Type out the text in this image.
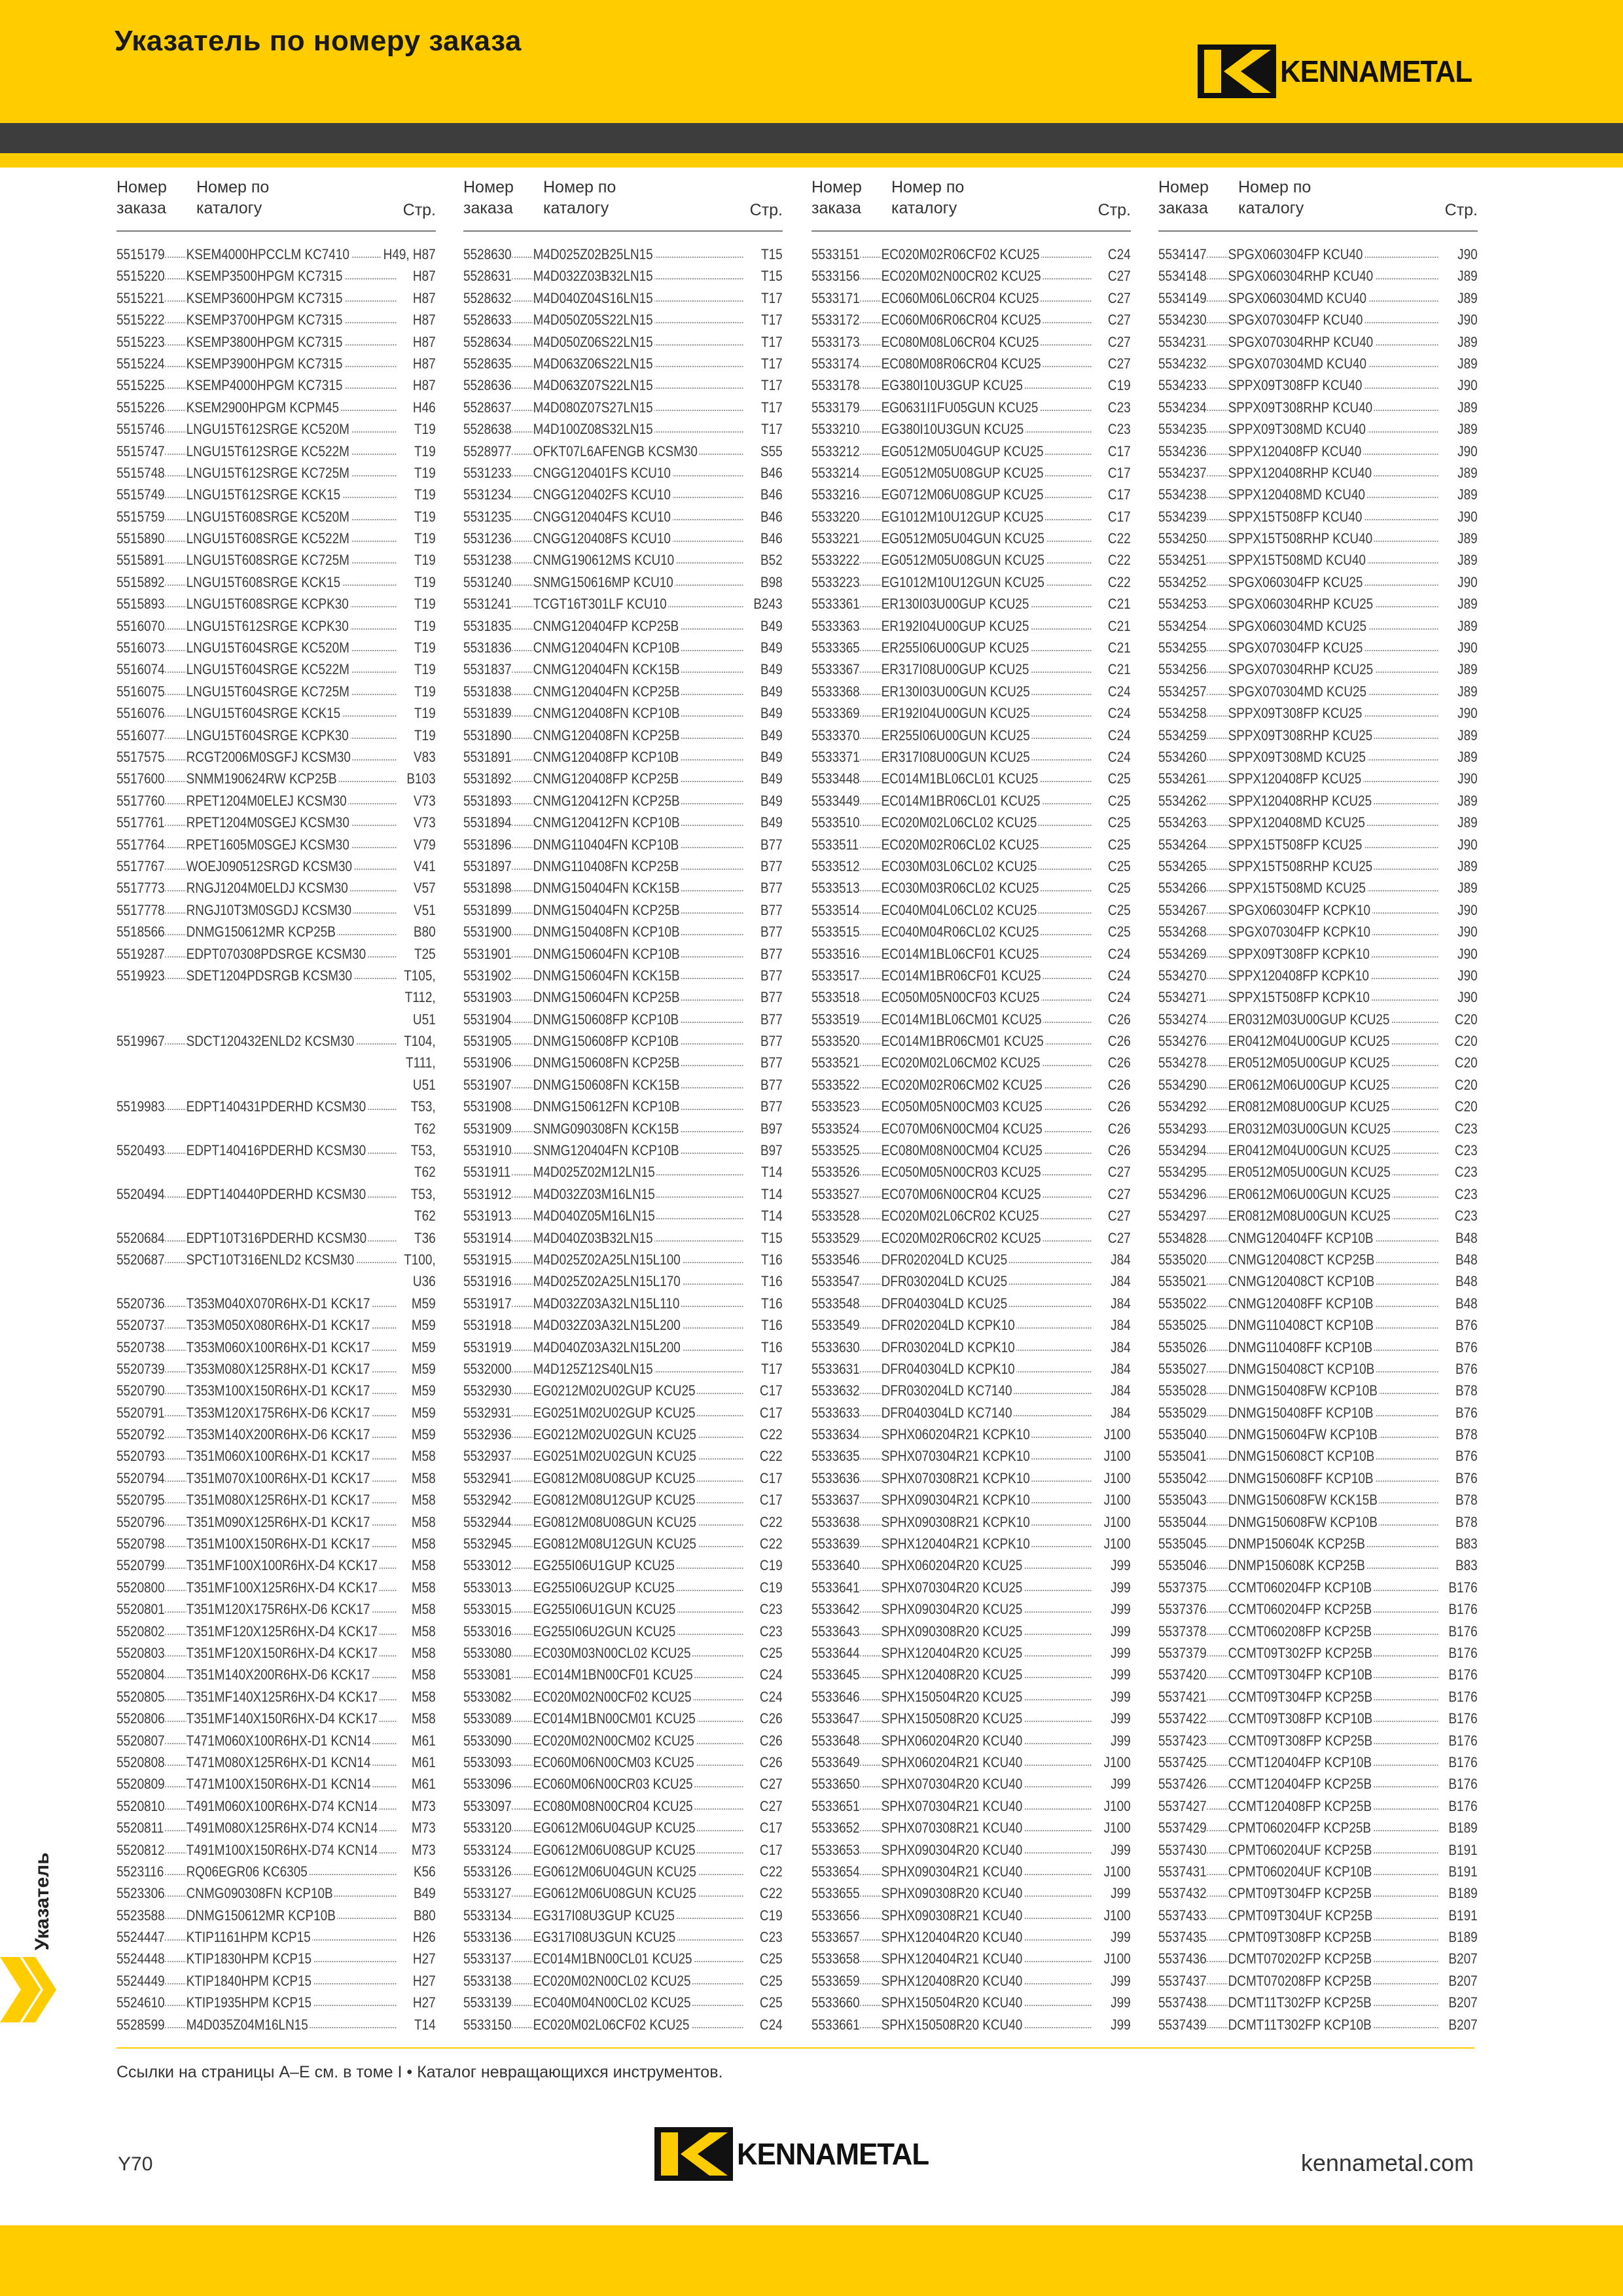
Указатель по номеру заказа
KENNAMETAL
Номер
заказа
Номер по
каталогу	Стр.
5515179 KSEM4000HPCCLM KC7410 H49, H87
5515220 KSEMP3500HPGM KC7315	H87
5515221 KSEMP3600HPGM KC7315	H87
5515222 KSEMP3700HPGM KC7315	H87
5515223 KSEMP3800HPGM KC7315	H87
5515224 KSEMP3900HPGM KC7315	H87
5515225 KSEMP4000HPGM KC7315	H87
5515226 KSEM2900HPGM KCPM45	H46
5515746 LNGU15T612SRGE KC520M	T19
5515747 LNGU15T612SRGE KC522M	T19
5515748 LNGU15T612SRGE KC725M	T19
5515749 LNGU15T612SRGE KCK15	T19
5515759 LNGU15T608SRGE KC520M	T19
5515890 LNGU15T608SRGE KC522M	T19
5515891 LNGU15T608SRGE KC725M	T19
5515892 LNGU15T608SRGE KCK15	T19
5515893 LNGU15T608SRGE KCPK30	T19
5516070 LNGU15T612SRGE KCPK30	T19
5516073 LNGU15T604SRGE KC520M	T19
5516074 LNGU15T604SRGE KC522M	T19
5516075 LNGU15T604SRGE KC725M	T19
5516076 LNGU15T604SRGE KCK15	T19
5516077 LNGU15T604SRGE KCPK30	T19
5517575 RCGT2006M0SGFJ KCSM30	V83
5517600 SNMM190624RW KCP25B	B103
5517760 RPET1204M0ELEJ KCSM30	V73
5517761 RPET1204M0SGEJ KCSM30	V73
5517764 RPET1605M0SGEJ KCSM30	V79
5517767 WOEJ090512SRGD KCSM30	V41
5517773 RNGJ1204M0ELDJ KCSM30	V57
5517778 RNGJ10T3M0SGDJ KCSM30	V51
5518566 DNMG150612MR KCP25B	B80
5519287 EDPT070308PDSRGE KCSM30	T25
5519923 SDET1204PDSRGB KCSM30	T105,
T112,
U51
5519967 SDCT120432ENLD2 KCSM30	T104,
T111,
U51
5519983 EDPT140431PDERHD KCSM30	T53,
T62
5520493 EDPT140416PDERHD KCSM30	T53,
T62
5520494 EDPT140440PDERHD KCSM30	T53,
T62
5520684 EDPT10T316PDERHD KCSM30	T36
5520687 SPCT10T316ENLD2 KCSM30	T100,
U36
5520736 T353M040X070R6HX-D1 KCK17	M59
5520737 T353M050X080R6HX-D1 KCK17	M59
5520738 T353M060X100R6HX-D1 KCK17	M59
5520739 T353M080X125R8HX-D1 KCK17	M59
5520790 T353M100X150R6HX-D1 KCK17	M59
5520791 T353M120X175R6HX-D6 KCK17	M59
5520792 T353M140X200R6HX-D6 KCK17	M59
5520793 T351M060X100R6HX-D1 KCK17	M58
5520794 T351M070X100R6HX-D1 KCK17	M58
5520795 T351M080X125R6HX-D1 KCK17	M58
5520796 T351M090X125R6HX-D1 KCK17	M58
5520798 T351M100X150R6HX-D1 KCK17	M58
5520799 T351MF100X100R6HX-D4 KCK17 M58
5520800 T351MF100X125R6HX-D4 KCK17 M58
5520801 T351M120X175R6HX-D6 KCK17	M58
5520802 T351MF120X125R6HX-D4 KCK17 M58
5520803 T351MF120X150R6HX-D4 KCK17 M58
5520804 T351M140X200R6HX-D6 KCK17	M58
5520805 T351MF140X125R6HX-D4 KCK17 M58
5520806 T351MF140X150R6HX-D4 KCK17 M58
5520807 T471M060X100R6HX-D1 KCN14	M61
5520808 T471M080X125R6HX-D1 KCN14	M61
5520809 T471M100X150R6HX-D1 KCN14	M61
5520810 T491M060X100R6HX-D74 KCN14 M73
5520811 T491M080X125R6HX-D74 KCN14 M73
5520812 T491M100X150R6HX-D74 KCN14 M73
5523116 RQ06EGR06 KC6305	K56
5523306 CNMG090308FN KCP10B	B49
5523588 DNMG150612MR KCP10B	B80
5524447 KTIP1161HPM KCP15	H26
5524448 KTIP1830HPM KCP15	H27
5524449 KTIP1840HPM KCP15	H27
5524610 KTIP1935HPM KCP15	H27
5528599 M4D035Z04M16LN15	T14
Номер
заказа
Номер по
каталогу	Стр.
5528630 M4D025Z02B25LN15	T15
5528631 M4D032Z03B32LN15	T15
5528632 M4D040Z04S16LN15	T17
5528633 M4D050Z05S22LN15	T17
5528634 M4D050Z06S22LN15	T17
5528635 M4D063Z06S22LN15	T17
5528636 M4D063Z07S22LN15	T17
5528637 M4D080Z07S27LN15	T17
5528638 M4D100Z08S32LN15	T17
5528977 OFKT07L6AFENGB KCSM30	S55
5531233 CNGG120401FS KCU10	B46
5531234 CNGG120402FS KCU10	B46
5531235 CNGG120404FS KCU10	B46
5531236 CNGG120408FS KCU10	B46
5531238 CNMG190612MS KCU10	B52
5531240 SNMG150616MP KCU10	B98
5531241 TCGT16T301LF KCU10	B243
5531835 CNMG120404FP KCP25B	B49
5531836 CNMG120404FN KCP10B	B49
5531837 CNMG120404FN KCK15B	B49
5531838 CNMG120404FN KCP25B	B49
5531839 CNMG120408FN KCP10B	B49
5531890 CNMG120408FN KCP25B	B49
5531891 CNMG120408FP KCP10B	B49
5531892 CNMG120408FP KCP25B	B49
5531893 CNMG120412FN KCP25B	B49
5531894 CNMG120412FN KCP10B	B49
5531896 DNMG110404FN KCP10B	B77
5531897 DNMG110408FN KCP25B	B77
5531898 DNMG150404FN KCK15B	B77
5531899 DNMG150404FN KCP25B	B77
5531900 DNMG150408FN KCP10B	B77
5531901 DNMG150604FN KCP10B	B77
5531902 DNMG150604FN KCK15B	B77
5531903 DNMG150604FN KCP25B	B77
5531904 DNMG150608FP KCP10B	B77
5531905 DNMG150608FP KCP10B	B77
5531906 DNMG150608FN KCP25B	B77
5531907 DNMG150608FN KCK15B	B77
5531908 DNMG150612FN KCP10B	B77
5531909 SNMG090308FN KCK15B	B97
5531910 SNMG120404FN KCP10B	B97
5531911 M4D025Z02M12LN15	T14
5531912 M4D032Z03M16LN15	T14
5531913 M4D040Z05M16LN15	T14
5531914 M4D040Z03B32LN15	T15
5531915 M4D025Z02A25LN15L100	T16
5531916 M4D025Z02A25LN15L170	T16
5531917 M4D032Z03A32LN15L110	T16
5531918 M4D032Z03A32LN15L200	T16
5531919 M4D040Z03A32LN15L200	T16
5532000 M4D125Z12S40LN15	T17
5532930 EG0212M02U02GUP KCU25	C17
5532931 EG0251M02U02GUP KCU25	C17
5532936 EG0212M02U02GUN KCU25	C22
5532937 EG0251M02U02GUN KCU25	C22
5532941 EG0812M08U08GUP KCU25	C17
5532942 EG0812M08U12GUP KCU25	C17
5532944 EG0812M08U08GUN KCU25	C22
5532945 EG0812M08U12GUN KCU25	C22
5533012 EG255I06U1GUP KCU25	C19
5533013 EG255I06U2GUP KCU25	C19
5533015 EG255I06U1GUN KCU25	C23
5533016 EG255I06U2GUN KCU25	C23
5533080 EC030M03N00CL02 KCU25	C25
5533081 EC014M1BN00CF01 KCU25	C24
5533082 EC020M02N00CF02 KCU25	C24
5533089 EC014M1BN00CM01 KCU25	C26
5533090 EC020M02N00CM02 KCU25	C26
5533093 EC060M06N00CM03 KCU25	C26
5533096 EC060M06N00CR03 KCU25	C27
5533097 EC080M08N00CR04 KCU25	C27
5533120 EG0612M06U04GUP KCU25	C17
5533124 EG0612M06U08GUP KCU25	C17
5533126 EG0612M06U04GUN KCU25	C22
5533127 EG0612M06U08GUN KCU25	C22
5533134 EG317I08U3GUP KCU25	C19
5533136 EG317I08U3GUN KCU25	C23
5533137 EC014M1BN00CL01 KCU25	C25
5533138 EC020M02N00CL02 KCU25	C25
5533139 EC040M04N00CL02 KCU25	C25
5533150 EC020M02L06CF02 KCU25	C24
Номер
заказа
Номер по
каталогу	Стр.
5533151 EC020M02R06CF02 KCU25	C24
5533156 EC020M02N00CR02 KCU25	C27
5533171 EC060M06L06CR04 KCU25	C27
5533172 EC060M06R06CR04 KCU25	C27
5533173 EC080M08L06CR04 KCU25	C27
5533174 EC080M08R06CR04 KCU25	C27
5533178 EG380I10U3GUP KCU25	C19
5533179 EG0631I1FU05GUN KCU25	C23
5533210 EG380I10U3GUN KCU25	C23
5533212 EG0512M05U04GUP KCU25	C17
5533214 EG0512M05U08GUP KCU25	C17
5533216 EG0712M06U08GUP KCU25	C17
5533220 EG1012M10U12GUP KCU25	C17
5533221 EG0512M05U04GUN KCU25	C22
5533222 EG0512M05U08GUN KCU25	C22
5533223 EG1012M10U12GUN KCU25	C22
5533361 ER130I03U00GUP KCU25	C21
5533363 ER192I04U00GUP KCU25	C21
5533365 ER255I06U00GUP KCU25	C21
5533367 ER317I08U00GUP KCU25	C21
5533368 ER130I03U00GUN KCU25	C24
5533369 ER192I04U00GUN KCU25	C24
5533370 ER255I06U00GUN KCU25	C24
5533371 ER317I08U00GUN KCU25	C24
5533448 EC014M1BL06CL01 KCU25	C25
5533449 EC014M1BR06CL01 KCU25	C25
5533510 EC020M02L06CL02 KCU25	C25
5533511 EC020M02R06CL02 KCU25	C25
5533512 EC030M03L06CL02 KCU25	C25
5533513 EC030M03R06CL02 KCU25	C25
5533514 EC040M04L06CL02 KCU25	C25
5533515 EC040M04R06CL02 KCU25	C25
5533516 EC014M1BL06CF01 KCU25	C24
5533517 EC014M1BR06CF01 KCU25	C24
5533518 EC050M05N00CF03 KCU25	C24
5533519 EC014M1BL06CM01 KCU25	C26
5533520 EC014M1BR06CM01 KCU25	C26
5533521 EC020M02L06CM02 KCU25	C26
5533522 EC020M02R06CM02 KCU25	C26
5533523 EC050M05N00CM03 KCU25	C26
5533524 EC070M06N00CM04 KCU25	C26
5533525 EC080M08N00CM04 KCU25	C26
5533526 EC050M05N00CR03 KCU25	C27
5533527 EC070M06N00CR04 KCU25	C27
5533528 EC020M02L06CR02 KCU25	C27
5533529 EC020M02R06CR02 KCU25	C27
5533546 DFR020204LD KCU25	J84
5533547 DFR030204LD KCU25	J84
5533548 DFR040304LD KCU25	J84
5533549 DFR020204LD KCPK10	J84
5533630 DFR030204LD KCPK10	J84
5533631 DFR040304LD KCPK10	J84
5533632 DFR030204LD KC7140	J84
5533633 DFR040304LD KC7140	J84
5533634 SPHX060204R21 KCPK10	J100
5533635 SPHX070304R21 KCPK10	J100
5533636 SPHX070308R21 KCPK10	J100
5533637 SPHX090304R21 KCPK10	J100
5533638 SPHX090308R21 KCPK10	J100
5533639 SPHX120404R21 KCPK10	J100
5533640 SPHX060204R20 KCU25	J99
5533641 SPHX070304R20 KCU25	J99
5533642 SPHX090304R20 KCU25	J99
5533643 SPHX090308R20 KCU25	J99
5533644 SPHX120404R20 KCU25	J99
5533645 SPHX120408R20 KCU25	J99
5533646 SPHX150504R20 KCU25	J99
5533647 SPHX150508R20 KCU25	J99
5533648 SPHX060204R20 KCU40	J99
5533649 SPHX060204R21 KCU40	J100
5533650 SPHX070304R20 KCU40	J99
5533651 SPHX070304R21 KCU40	J100
5533652 SPHX070308R21 KCU40	J100
5533653 SPHX090304R20 KCU40	J99
5533654 SPHX090304R21 KCU40	J100
5533655 SPHX090308R20 KCU40	J99
5533656 SPHX090308R21 KCU40	J100
5533657 SPHX120404R20 KCU40	J99
5533658 SPHX120404R21 KCU40	J100
5533659 SPHX120408R20 KCU40	J99
5533660 SPHX150504R20 KCU40	J99
5533661 SPHX150508R20 KCU40	J99
Номер
заказа
Номер по
каталогу	Стр.
5534147 SPGX060304FP KCU40	J90
5534148 SPGX060304RHP KCU40	J89
5534149 SPGX060304MD KCU40	J89
5534230 SPGX070304FP KCU40	J90
5534231 SPGX070304RHP KCU40	J89
5534232 SPGX070304MD KCU40	J89
5534233 SPPX09T308FP KCU40	J90
5534234 SPPX09T308RHP KCU40	J89
5534235 SPPX09T308MD KCU40	J89
5534236 SPPX120408FP KCU40	J90
5534237 SPPX120408RHP KCU40	J89
5534238 SPPX120408MD KCU40	J89
5534239 SPPX15T508FP KCU40	J90
5534250 SPPX15T508RHP KCU40	J89
5534251 SPPX15T508MD KCU40	J89
5534252 SPGX060304FP KCU25	J90
5534253 SPGX060304RHP KCU25	J89
5534254 SPGX060304MD KCU25	J89
5534255 SPGX070304FP KCU25	J90
5534256 SPGX070304RHP KCU25	J89
5534257 SPGX070304MD KCU25	J89
5534258 SPPX09T308FP KCU25	J90
5534259 SPPX09T308RHP KCU25	J89
5534260 SPPX09T308MD KCU25	J89
5534261 SPPX120408FP KCU25	J90
5534262 SPPX120408RHP KCU25	J89
5534263 SPPX120408MD KCU25	J89
5534264 SPPX15T508FP KCU25	J90
5534265 SPPX15T508RHP KCU25	J89
5534266 SPPX15T508MD KCU25	J89
5534267 SPGX060304FP KCPK10	J90
5534268 SPGX070304FP KCPK10	J90
5534269 SPPX09T308FP KCPK10	J90
5534270 SPPX120408FP KCPK10	J90
5534271 SPPX15T508FP KCPK10	J90
5534274 ER0312M03U00GUP KCU25	C20
5534276 ER0412M04U00GUP KCU25	C20
5534278 ER0512M05U00GUP KCU25	C20
5534290 ER0612M06U00GUP KCU25	C20
5534292 ER0812M08U00GUP KCU25	C20
5534293 ER0312M03U00GUN KCU25	C23
5534294 ER0412M04U00GUN KCU25	C23
5534295 ER0512M05U00GUN KCU25	C23
5534296 ER0612M06U00GUN KCU25	C23
5534297 ER0812M08U00GUN KCU25	C23
5534828 CNMG120404FF KCP10B	B48
5535020 CNMG120408CT KCP25B	B48
5535021 CNMG120408CT KCP10B	B48
5535022 CNMG120408FF KCP10B	B48
5535025 DNMG110408CT KCP10B	B76
5535026 DNMG110408FF KCP10B	B76
5535027 DNMG150408CT KCP10B	B76
5535028 DNMG150408FW KCP10B	B78
5535029 DNMG150408FF KCP10B	B76
5535040 DNMG150604FW KCP10B	B78
5535041 DNMG150608CT KCP10B	B76
5535042 DNMG150608FF KCP10B	B76
5535043 DNMG150608FW KCK15B	B78
5535044 DNMG150608FW KCP10B	B78
5535045 DNMP150604K KCP25B	B83
5535046 DNMP150608K KCP25B	B83
5537375 CCMT060204FP KCP10B	B176
5537376 CCMT060204FP KCP25B	B176
5537378 CCMT060208FP KCP25B	B176
5537379 CCMT09T302FP KCP25B	B176
5537420 CCMT09T304FP KCP10B	B176
5537421 CCMT09T304FP KCP25B	B176
5537422 CCMT09T308FP KCP10B	B176
5537423 CCMT09T308FP KCP25B	B176
5537425 CCMT120404FP KCP10B	B176
5537426 CCMT120404FP KCP25B	B176
5537427 CCMT120408FP KCP25B	B176
5537429 CPMT060204FP KCP25B	B189
5537430 CPMT060204UF KCP25B	B191
5537431 CPMT060204UF KCP10B	B191
5537432 CPMT09T304FP KCP25B	B189
5537433 CPMT09T304UF KCP25B	B191
5537435 CPMT09T308FP KCP25B	B189
5537436 DCMT070202FP KCP25B	B207
5537437 DCMT070208FP KCP25B	B207
5537438 DCMT11T302FP KCP25B	B207
5537439 DCMT11T302FP KCP10B	B207
Ссылки на страницы A–E см. в томе I • Каталог невращающихся инструментов.
Указатель
Y70	KENNAMETAL	kennametal.com
